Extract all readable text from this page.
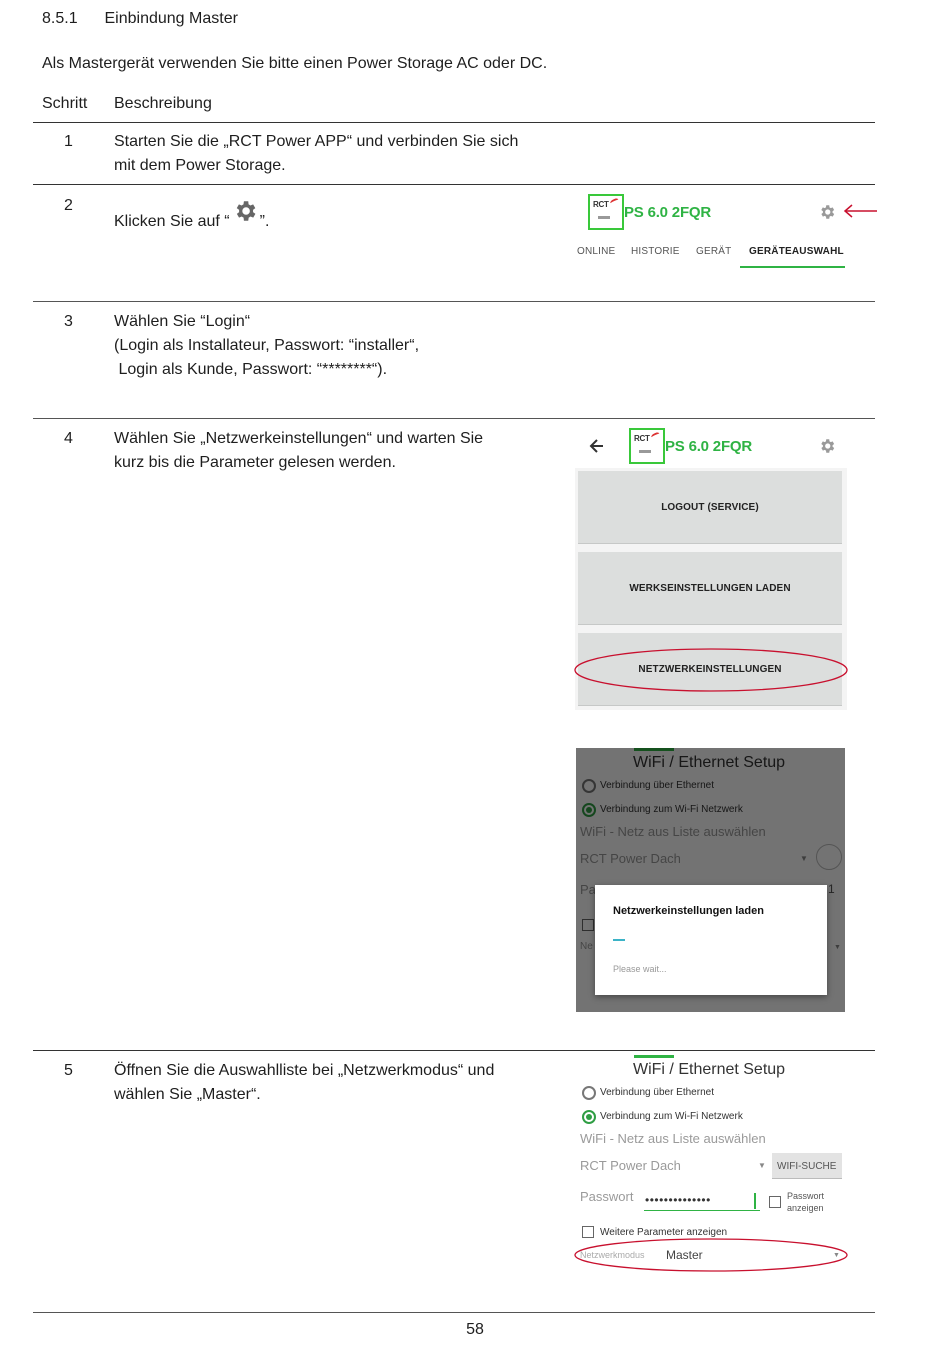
8.5.1 Einbindung Master
Als Mastergerät verwenden Sie bitte einen Power Storage AC oder DC.
Schritt Beschreibung
1	Starten Sie die „RCT Power APP“ und verbinden Sie sich
mit dem Power Storage.
2
Klicken Sie auf “ ”.
RCT PS 6.0 2FQR
ONLINE HISTORIE GERÄT GERÄTEAUSWAHL
3	Wählen Sie “Login“
(Login als Installateur, Passwort: “installer“,
Login als Kunde, Passwort: “********“).
4	Wählen Sie „Netzwerkeinstellungen“ und warten Sie
kurz bis die Parameter gelesen werden.
RCT PS 6.0 2FQR
LOGOUT (SERVICE)
WERKSEINSTELLUNGEN LADEN
NETZWERKEINSTELLUNGEN
Netzwerkeinstellungen laden
Please wait...
5	Öffnen Sie die Auswahlliste bei „Netzwerkmodus“ und
wählen Sie „Master“.
WiFi / Ethernet Setup
Verbindung über Ethernet
Verbindung zum Wi-Fi Netzwerk
WiFi - Netz aus Liste auswählen
RCT Power Dach	▼ WIFI-SUCHE
Passwort ••••••••••••••	Passwort
anzeigen
Weitere Parameter anzeigen
Netzwerkmodus Master	▼
58
